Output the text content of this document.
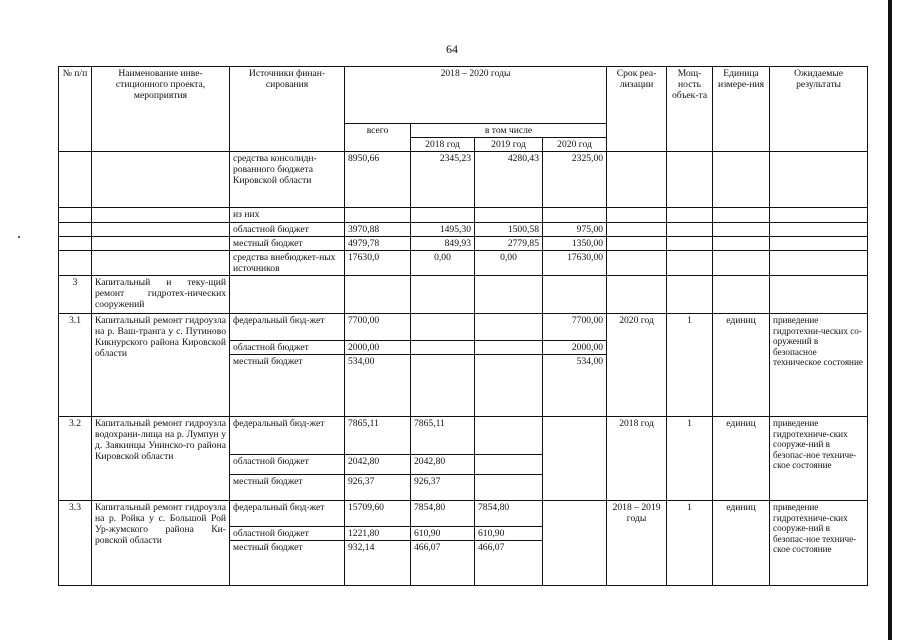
64
№ п/п	Наименование инве-стиционного проекта, мероприятия	Источники финан-сирования	2018 – 2020 годы				Срок реа-лизации	Мощ-ность объек-та	Единица измере-ния	Ожидаемые результаты
			всего	в том числе						
				2018 год	2019 год	2020 год				
		средства консолидн-рованного бюджета Кировской области	8950,66	2345,23	4280,43	2325,00				
		из них								
		областной бюджет	3970,88	1495,30	1500,58	975,00				
		местный бюджет	4979,78	849,93	2779,85	1350,00				
		средства внебюджет-ных источников	17630,0	0,00	0,00	17630,00				
3	Капитальный и теку-щий ремонт гидротех-нических сооружений									
3.1	Капитальный ремонт гидроузла на р. Ваш-транга у с. Путиново Кикнурского района Кировской области	федеральный бюд-жет	7700,00			7700,00	2020 год	1	единиц	приведение гидротехни-ческих со-оружений в безопасное техническое состояние
		областной бюджет	2000,00			2000,00				
		местный бюджет	534,00			534,00				
3.2	Капитальный ремонт гидроузла водохрани-лища на р. Лумпун у д. Заякинцы Унинско-го района Кировской области	федеральный бюд-жет	7865,11	7865,11			2018 год	1	единиц	приведение гидротехниче-ских сооруже-ний в безопас-ное техниче-ское состояние
		областной бюджет	2042,80	2042,80						
		местный бюджет	926,37	926,37						
3.3	Капитальный ремонт гидроузла на р. Ройка у с. Большой Рой Ур-жумского района Ки-ровской области	федеральный бюд-жет	15709,60	7854,80	7854,80		2018 – 2019 годы	1	единиц	приведение гидротехниче-ских сооруже-ний в безопас-ное техниче-ское состояние
		областной бюджет	1221,80	610,90	610,90					
		местный бюджет	932,14	466,07	466,07					
